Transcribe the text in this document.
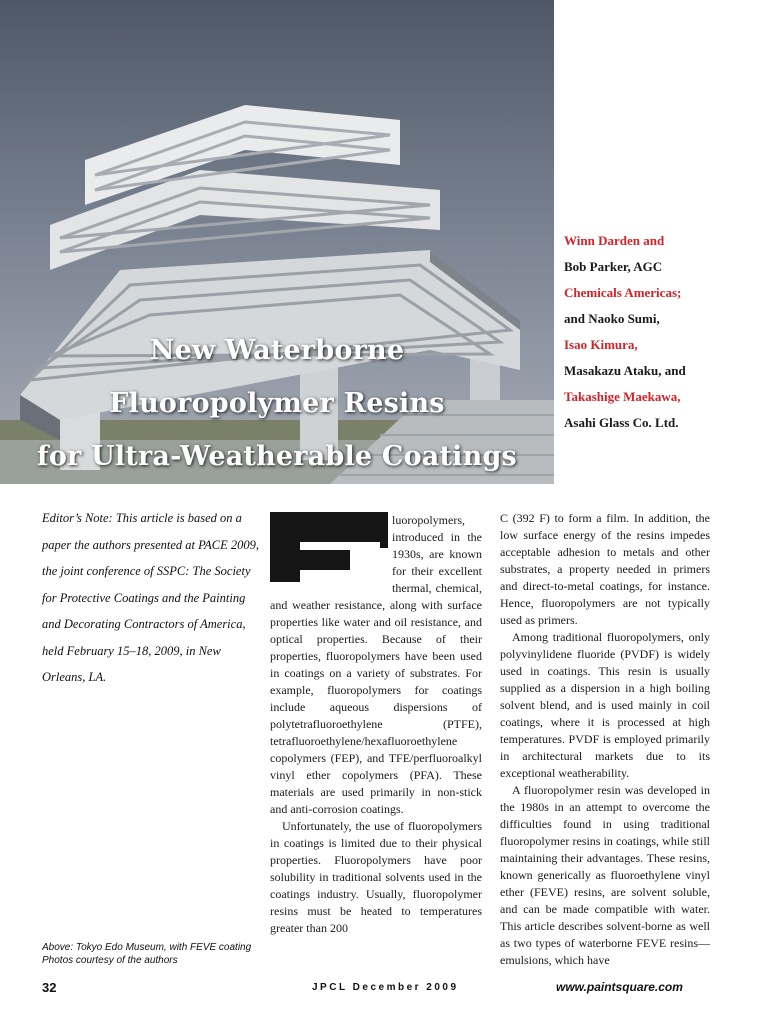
New Waterborne
Fluoropolymer Resins
for Ultra-Weatherable Coatings
Winn Darden and
Bob Parker, AGC
Chemicals Americas;
and Naoko Sumi,
Isao Kimura,
Masakazu Ataku, and
Takashige Maekawa,
Asahi Glass Co. Ltd.
Editor’s Note: This article is based on a paper the authors presented at PACE 2009, the joint conference of SSPC: The Society for Protective Coatings and the Painting and Decorating Contractors of America, held February 15–18, 2009, in New Orleans, LA.
Above: Tokyo Edo Museum, with FEVE coating
Photos courtesy of the authors

luoropolymers, introduced in the 1930s, are known for their excellent thermal, chemical, and weather resistance, along with surface properties like water and oil resistance, and optical properties. Because of their properties, fluoropolymers have been used in coatings on a variety of substrates. For example, fluoropolymers for coatings include aqueous dispersions of polytetrafluoroethylene (PTFE), tetrafluoroethylene/hexafluoroethylene copolymers (FEP), and TFE/perfluoroalkyl vinyl ether copolymers (PFA). These materials are used primarily in non-stick and anti-corrosion coatings.

Unfortunately, the use of fluoropolymers in coatings is limited due to their physical properties. Fluoropolymers have poor solubility in traditional solvents used in the coatings industry. Usually, fluoropolymer resins must be heated to temperatures greater than 200

C (392 F) to form a film. In addition, the low surface energy of the resins impedes acceptable adhesion to metals and other substrates, a property needed in primers and direct-to-metal coatings, for instance. Hence, fluoropolymers are not typically used as primers.

Among traditional fluoropolymers, only polyvinylidene fluoride (PVDF) is widely used in coatings. This resin is usually supplied as a dispersion in a high boiling solvent blend, and is used mainly in coil coatings, where it is processed at high temperatures. PVDF is employed primarily in architectural markets due to its exceptional weatherability.

A fluoropolymer resin was developed in the 1980s in an attempt to overcome the difficulties found in using traditional fluoropolymer resins in coatings, while still maintaining their advantages. These resins, known generically as fluoroethylene vinyl ether (FEVE) resins, are solvent soluble, and can be made compatible with water. This article describes solvent-borne as well as two types of waterborne FEVE resins—emulsions, which have

32	JPCL December 2009	www.paintsquare.com
